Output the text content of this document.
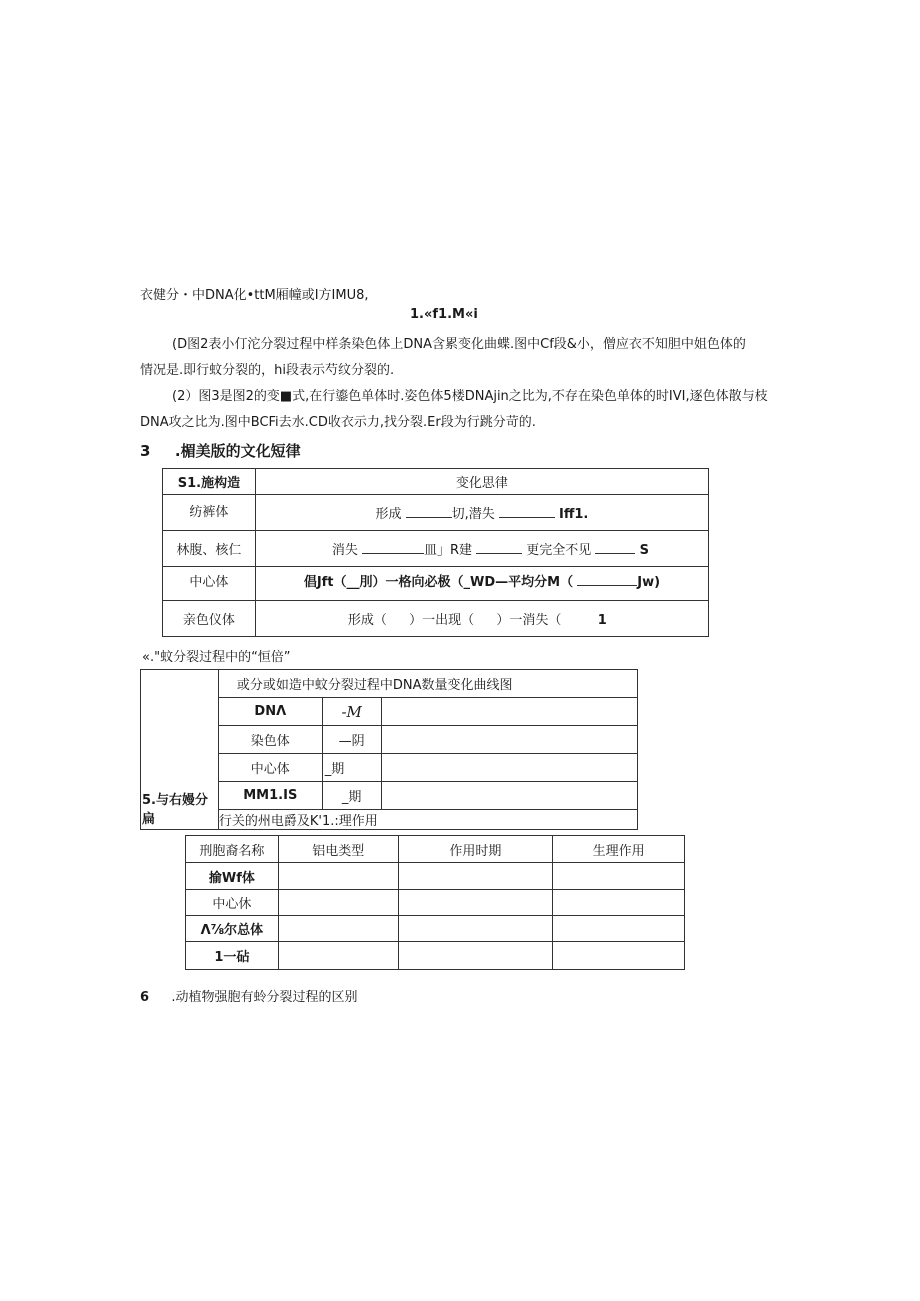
衣健分・中DNA化•ttM厢幢或I方IMU8,
1.«f1.M«i
(D图2表小仃沱分裂过程中样条染色体上DNA含累变化曲蝶.图中Cf段&小，僧应衣不知胆中姐色体的
情况是.即行蚊分裂的，hi段表示芍纹分裂的.
(2）图3是图2的变■式,在行鎏色单体时.姿色体5楼DNAjin之比为,不存在染色单体的时IVI,逐色体散与枝
DNA攻之比为.图中BCFi去水.CD收衣示力,找分裂.Er段为行跳分苛的.
3 .楣美版的文化短律
S1.施构造	变化思律
纺裤体	形成 切,潜失 Iff1.
林腹、核仁	消失 皿」R建 更完全不见 S
中心体	倡Jft（__刖）一格向必极（_WD—平均分M（ Jw)
亲色仪体	形成（ ）一出现（ ）一消失（ 1
«."蚊分裂过程中的“恒倍”
5.与右嫚分扁	或分或如造中蚊分裂过程中DNA数量变化曲线图		
	DNΛ	-M	
	染色体	—阴	
	中心体	_期	
	MM1.IS	_期	
	行关的州电爵及K'1.:理作用		
刑胞裔名称	铝电类型	作用时期	生理作用
揄Wf体			
中心休			
Λ⅞尔总体			
1一砧			
6 .动植物强胞有蛉分裂过程的区别
